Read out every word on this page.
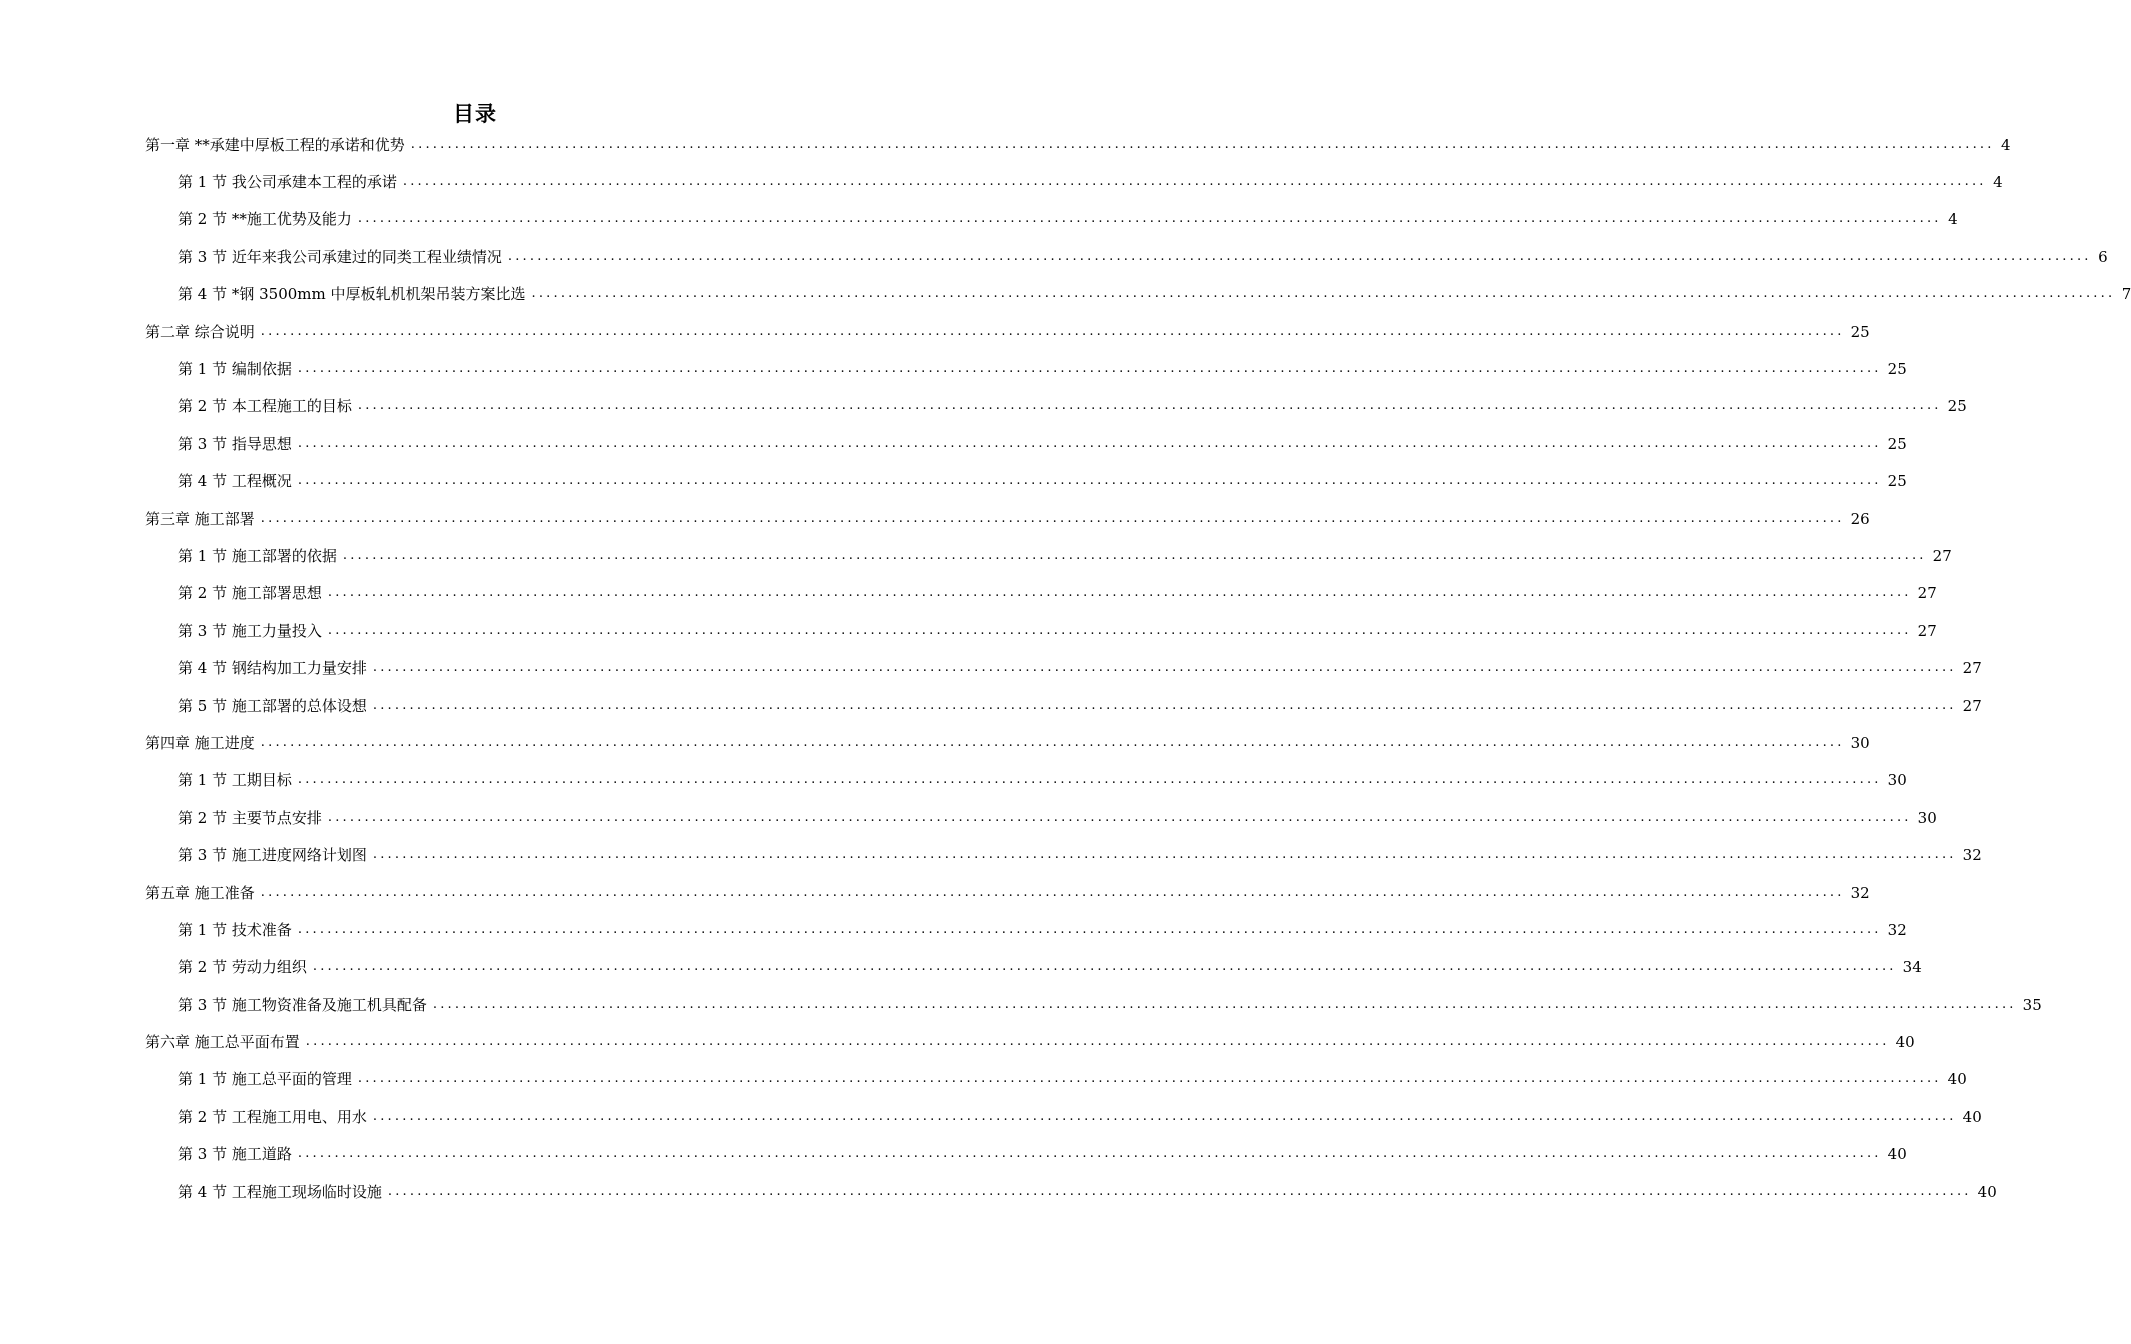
目录
第一章 **承建中厚板工程的承诺和优势 ........................................................................................................................................................................................................................ 4
第 1 节 我公司承建本工程的承诺 ........................................................................................................................................................................................................................ 4
第 2 节 **施工优势及能力 ........................................................................................................................................................................................................................ 4
第 3 节 近年来我公司承建过的同类工程业绩情况 ........................................................................................................................................................................................................................ 6
第 4 节 *钢 3500mm 中厚板轧机机架吊装方案比选 ........................................................................................................................................................................................................................ 7
第二章 综合说明 ........................................................................................................................................................................................................................ 25
第 1 节 编制依据 ........................................................................................................................................................................................................................ 25
第 2 节 本工程施工的目标 ........................................................................................................................................................................................................................ 25
第 3 节 指导思想 ........................................................................................................................................................................................................................ 25
第 4 节 工程概况 ........................................................................................................................................................................................................................ 25
第三章 施工部署 ........................................................................................................................................................................................................................ 26
第 1 节 施工部署的依据 ........................................................................................................................................................................................................................ 27
第 2 节 施工部署思想 ........................................................................................................................................................................................................................ 27
第 3 节 施工力量投入 ........................................................................................................................................................................................................................ 27
第 4 节 钢结构加工力量安排 ........................................................................................................................................................................................................................ 27
第 5 节 施工部署的总体设想 ........................................................................................................................................................................................................................ 27
第四章 施工进度 ........................................................................................................................................................................................................................ 30
第 1 节 工期目标 ........................................................................................................................................................................................................................ 30
第 2 节 主要节点安排 ........................................................................................................................................................................................................................ 30
第 3 节 施工进度网络计划图 ........................................................................................................................................................................................................................ 32
第五章 施工准备 ........................................................................................................................................................................................................................ 32
第 1 节 技术准备 ........................................................................................................................................................................................................................ 32
第 2 节 劳动力组织 ........................................................................................................................................................................................................................ 34
第 3 节 施工物资准备及施工机具配备 ........................................................................................................................................................................................................................ 35
第六章 施工总平面布置 ........................................................................................................................................................................................................................ 40
第 1 节 施工总平面的管理 ........................................................................................................................................................................................................................ 40
第 2 节 工程施工用电、用水 ........................................................................................................................................................................................................................ 40
第 3 节 施工道路 ........................................................................................................................................................................................................................ 40
第 4 节 工程施工现场临时设施 ........................................................................................................................................................................................................................ 40
